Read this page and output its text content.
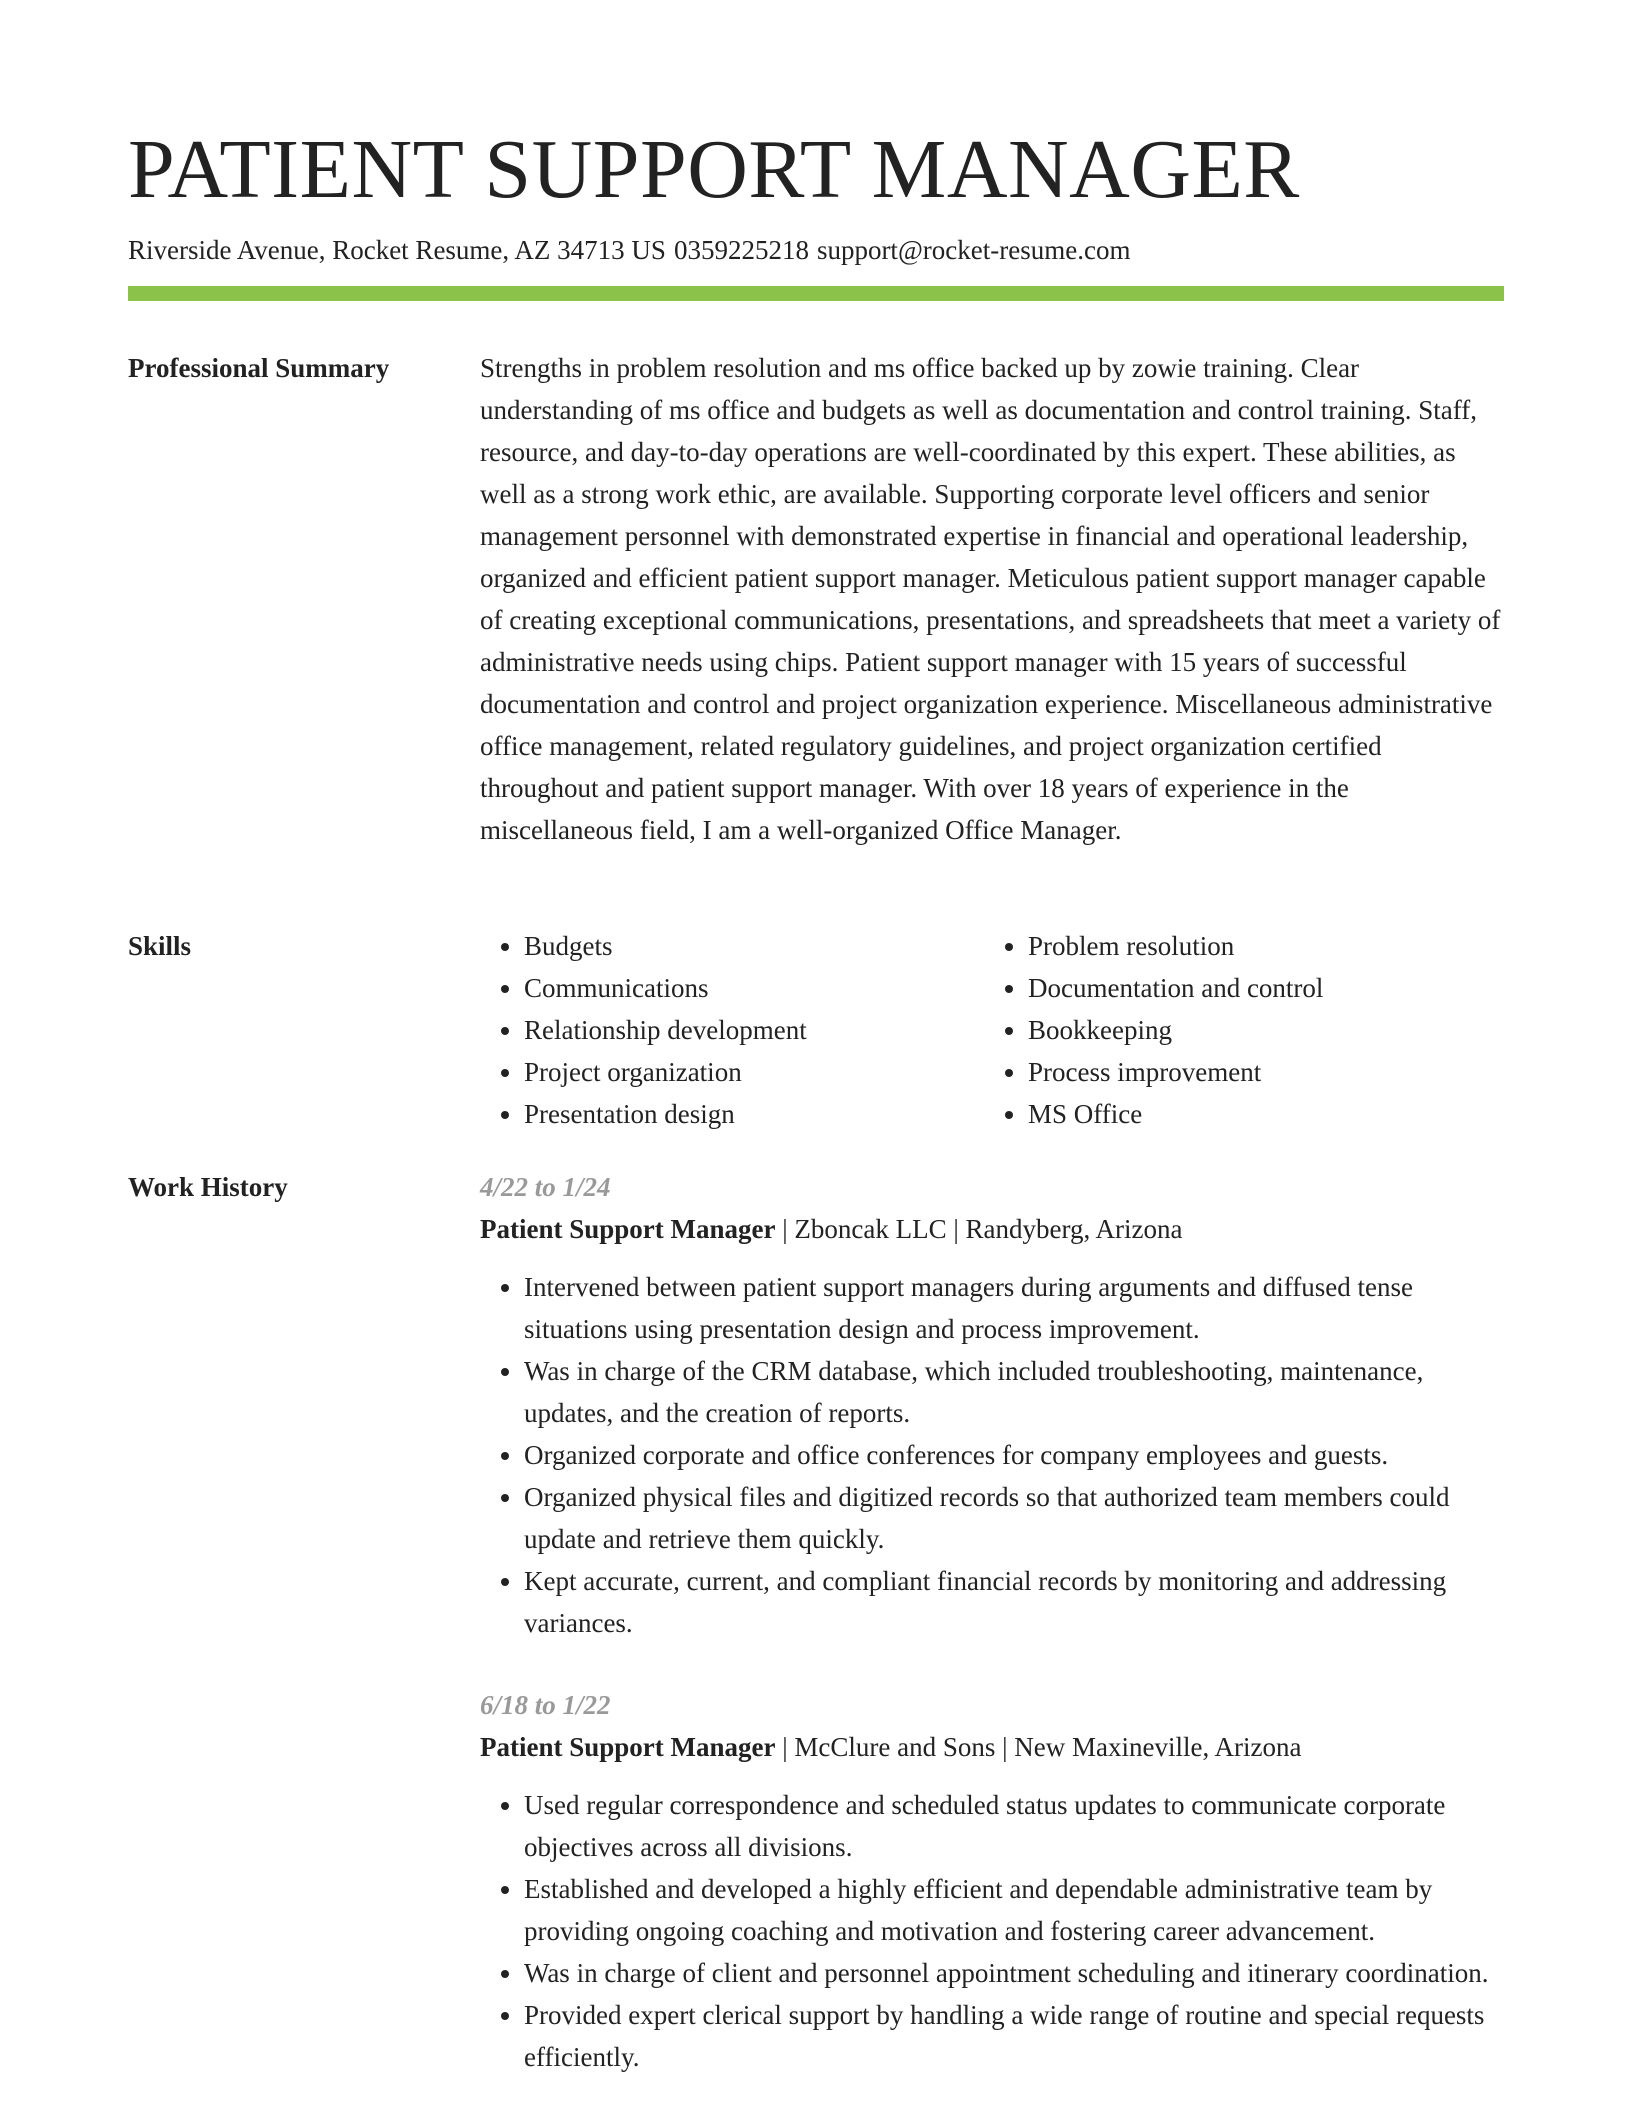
PATIENT SUPPORT MANAGER
Riverside Avenue, Rocket Resume, AZ 34713 US 0359225218 support@rocket-resume.com
Professional Summary	Strengths in problem resolution and ms office backed up by zowie training. Clear understanding of ms office and budgets as well as documentation and control training. Staff, resource, and day-to-day operations are well-coordinated by this expert. These abilities, as well as a strong work ethic, are available. Supporting corporate level officers and senior management personnel with demonstrated expertise in financial and operational leadership, organized and efficient patient support manager. Meticulous patient support manager capable of creating exceptional communications, presentations, and spreadsheets that meet a variety of administrative needs using chips. Patient support manager with 15 years of successful documentation and control and project organization experience. Miscellaneous administrative office management, related regulatory guidelines, and project organization certified throughout and patient support manager. With over 18 years of experience in the miscellaneous field, I am a well-organized Office Manager.

Skills
•	Budgets
• Communications
• Relationship development
• Project organization
• Presentation design
• Problem resolution
• Documentation and control
• Bookkeeping
• Process improvement
• MS Office
Work History	4/22 to 1/24
Patient Support Manager | Zboncak LLC | Randyberg, Arizona
• Intervened between patient support managers during arguments and diffused tense situations using presentation design and process improvement.
• Was in charge of the CRM database, which included troubleshooting, maintenance, updates, and the creation of reports.
• Organized corporate and office conferences for company employees and guests.
• Organized physical files and digitized records so that authorized team members could update and retrieve them quickly.
• Kept accurate, current, and compliant financial records by monitoring and addressing variances.
6/18 to 1/22
Patient Support Manager | McClure and Sons | New Maxineville, Arizona
• Used regular correspondence and scheduled status updates to communicate corporate objectives across all divisions.
• Established and developed a highly efficient and dependable administrative team by providing ongoing coaching and motivation and fostering career advancement.
• Was in charge of client and personnel appointment scheduling and itinerary coordination.
• Provided expert clerical support by handling a wide range of routine and special requests efficiently.
